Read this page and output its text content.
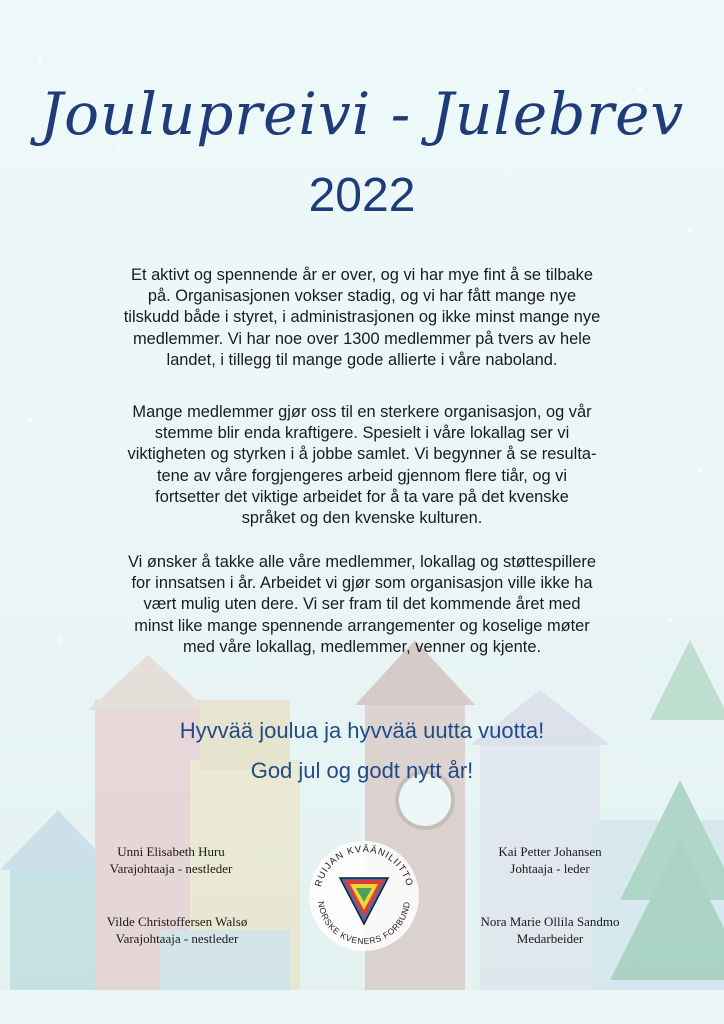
Joulupreivi - Julebrev
2022
Et aktivt og spennende år er over, og vi har mye fint å se tilbake
på. Organisasjonen vokser stadig, og vi har fått mange nye
tilskudd både i styret, i administrasjonen og ikke minst mange nye
medlemmer. Vi har noe over 1300 medlemmer på tvers av hele
landet, i tillegg til mange gode allierte i våre naboland.
Mange medlemmer gjør oss til en sterkere organisasjon, og vår
stemme blir enda kraftigere. Spesielt i våre lokallag ser vi
viktigheten og styrken i å jobbe samlet. Vi begynner å se resulta-
tene av våre forgjengeres arbeid gjennom flere tiår, og vi
fortsetter det viktige arbeidet for å ta vare på det kvenske
språket og den kvenske kulturen.
Vi ønsker å takke alle våre medlemmer, lokallag og støttespillere
for innsatsen i år. Arbeidet vi gjør som organisasjon ville ikke ha
vært mulig uten dere. Vi ser fram til det kommende året med
minst like mange spennende arrangementer og koselige møter
med våre lokallag, medlemmer, venner og kjente.
Hyvvää joulua ja hyvvää uutta vuotta!
God jul og godt nytt år!
Unni Elisabeth Huru
Varajohtaaja - nestleder
Vilde Christoffersen Walsø
Varajohtaaja - nestleder
Kai Petter Johansen
Johtaaja - leder
Nora Marie Ollila Sandmo
Medarbeider
RUIJAN KVÄÄNILIITTO
NORSKE KVENERS FORBUND
